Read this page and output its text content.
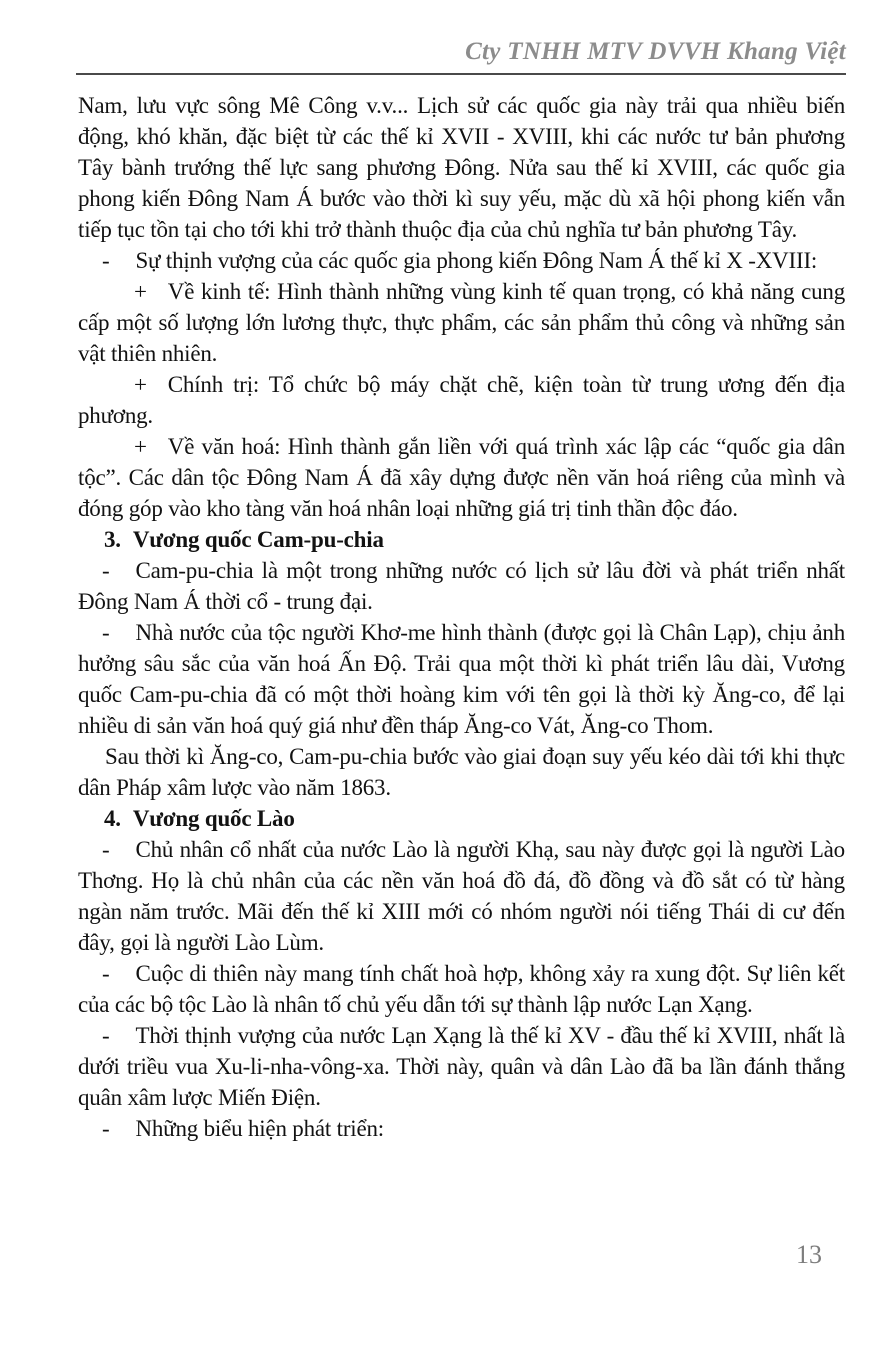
Cty TNHH MTV DVVH Khang Việt

Nam, lưu vực sông Mê Công v.v... Lịch sử các quốc gia này trải qua nhiều biến động, khó khăn, đặc biệt từ các thế kỉ XVII - XVIII, khi các nước tư bản phương Tây bành trướng thế lực sang phương Đông. Nửa sau thế kỉ XVIII, các quốc gia phong kiến Đông Nam Á bước vào thời kì suy yếu, mặc dù xã hội phong kiến vẫn tiếp tục tồn tại cho tới khi trở thành thuộc địa của chủ nghĩa tư bản phương Tây.

- Sự thịnh vượng của các quốc gia phong kiến Đông Nam Á thế kỉ X -XVIII:

+ Về kinh tế: Hình thành những vùng kinh tế quan trọng, có khả năng cung cấp một số lượng lớn lương thực, thực phẩm, các sản phẩm thủ công và những sản vật thiên nhiên.

+ Chính trị: Tổ chức bộ máy chặt chẽ, kiện toàn từ trung ương đến địa phương.

+ Về văn hoá: Hình thành gắn liền với quá trình xác lập các “quốc gia dân tộc”. Các dân tộc Đông Nam Á đã xây dựng được nền văn hoá riêng của mình và đóng góp vào kho tàng văn hoá nhân loại những giá trị tinh thần độc đáo.

3. Vương quốc Cam-pu-chia

- Cam-pu-chia là một trong những nước có lịch sử lâu đời và phát triển nhất Đông Nam Á thời cổ - trung đại.

- Nhà nước của tộc người Khơ-me hình thành (được gọi là Chân Lạp), chịu ảnh hưởng sâu sắc của văn hoá Ấn Độ. Trải qua một thời kì phát triển lâu dài, Vương quốc Cam-pu-chia đã có một thời hoàng kim với tên gọi là thời kỳ Ăng-co, để lại nhiều di sản văn hoá quý giá như đền tháp Ăng-co Vát, Ăng-co Thom.

Sau thời kì Ăng-co, Cam-pu-chia bước vào giai đoạn suy yếu kéo dài tới khi thực dân Pháp xâm lược vào năm 1863.

4. Vương quốc Lào

- Chủ nhân cổ nhất của nước Lào là người Khạ, sau này được gọi là người Lào Thơng. Họ là chủ nhân của các nền văn hoá đồ đá, đồ đồng và đồ sắt có từ hàng ngàn năm trước. Mãi đến thế kỉ XIII mới có nhóm người nói tiếng Thái di cư đến đây, gọi là người Lào Lùm.

- Cuộc di thiên này mang tính chất hoà hợp, không xảy ra xung đột. Sự liên kết của các bộ tộc Lào là nhân tố chủ yếu dẫn tới sự thành lập nước Lạn Xạng.

- Thời thịnh vượng của nước Lạn Xạng là thế kỉ XV - đầu thế kỉ XVIII, nhất là dưới triều vua Xu-li-nha-vông-xa. Thời này, quân và dân Lào đã ba lần đánh thắng quân xâm lược Miến Điện.

- Những biểu hiện phát triển:

13
